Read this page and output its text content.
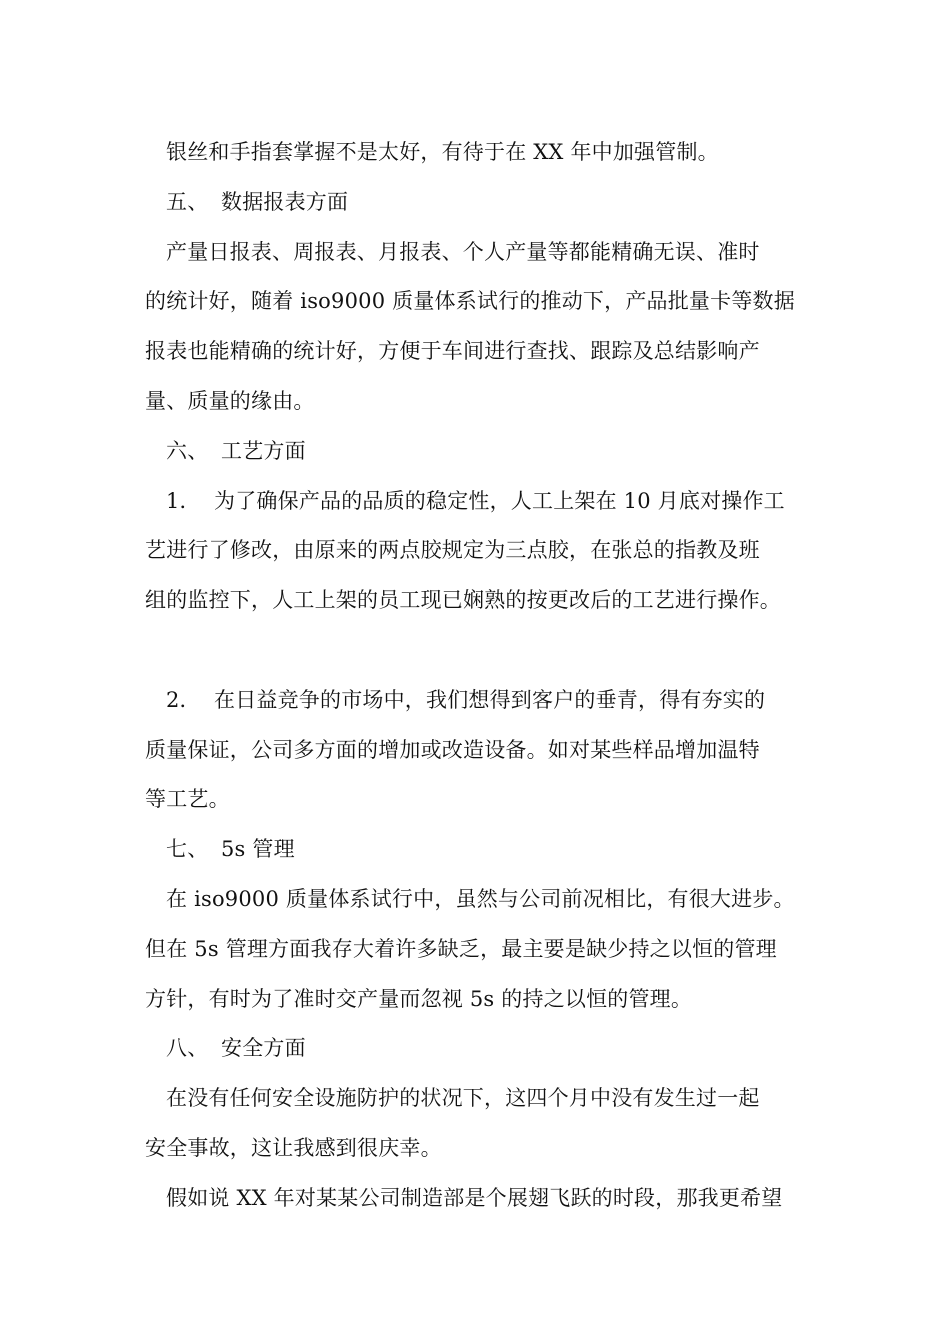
银丝和手指套掌握不是太好，有待于在 XX 年中加强管制。
五、 数据报表方面
产量日报表、周报表、月报表、个人产量等都能精确无误、准时
的统计好，随着 iso9000 质量体系试行的推动下，产品批量卡等数据
报表也能精确的统计好，方便于车间进行查找、跟踪及总结影响产
量、质量的缘由。
六、 工艺方面
1． 为了确保产品的品质的稳定性，人工上架在 10 月底对操作工
艺进行了修改，由原来的两点胶规定为三点胶，在张总的指教及班
组的监控下，人工上架的员工现已娴熟的按更改后的工艺进行操作。
2． 在日益竞争的市场中，我们想得到客户的垂青，得有夯实的
质量保证，公司多方面的增加或改造设备。如对某些样品增加温特
等工艺。
七、 5s 管理
在 iso9000 质量体系试行中，虽然与公司前况相比，有很大进步。
但在 5s 管理方面我存大着许多缺乏，最主要是缺少持之以恒的管理
方针，有时为了准时交产量而忽视 5s 的持之以恒的管理。
八、 安全方面
在没有任何安全设施防护的状况下，这四个月中没有发生过一起
安全事故，这让我感到很庆幸。
假如说 XX 年对某某公司制造部是个展翅飞跃的时段，那我更希望
